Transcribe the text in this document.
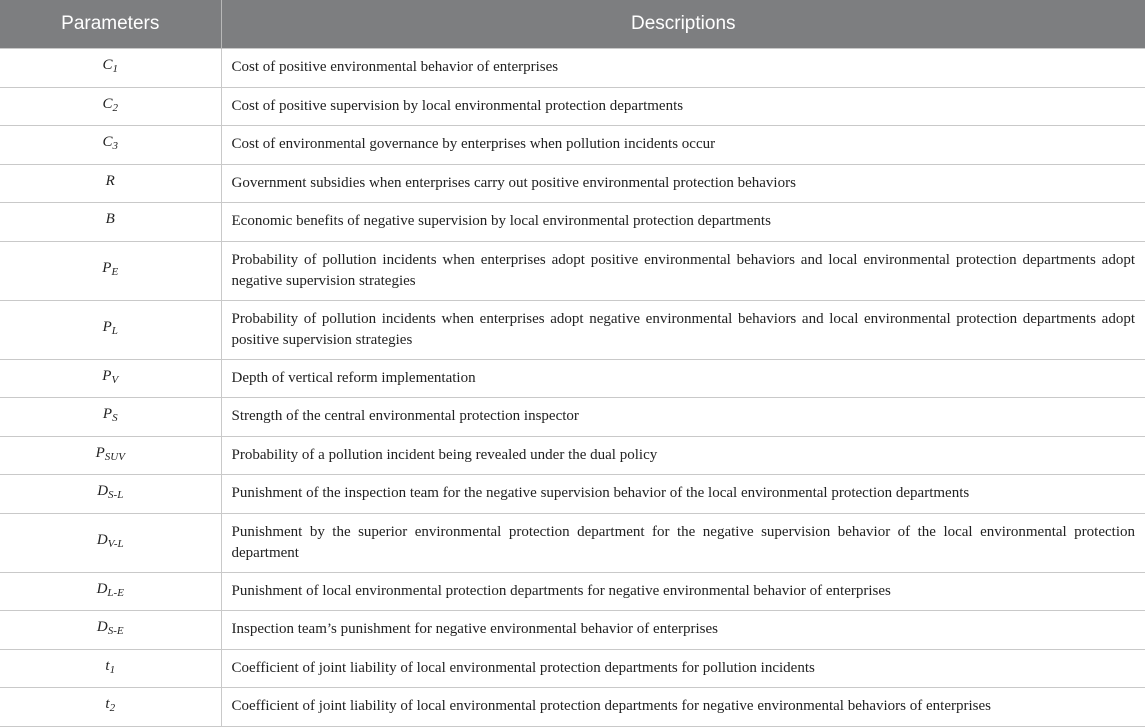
Parameters	Descriptions
$C_1$	Cost of positive environmental behavior of enterprises
$C_2$	Cost of positive supervision by local environmental protection departments
$C_3$	Cost of environmental governance by enterprises when pollution incidents occur
R	Government subsidies when enterprises carry out positive environmental protection behaviors
B	Economic benefits of negative supervision by local environmental protection departments
$P_E$	Probability of pollution incidents when enterprises adopt positive environmental behaviors and local environmental protection departments adopt negative supervision strategies
$P_L$	Probability of pollution incidents when enterprises adopt negative environmental behaviors and local environmental protection departments adopt positive supervision strategies
$P_V$	Depth of vertical reform implementation
$P_S$	Strength of the central environmental protection inspector
$P_{SUV}$	Probability of a pollution incident being revealed under the dual policy
$D_{S-L}$	Punishment of the inspection team for the negative supervision behavior of the local environmental protection departments
$D_{V-L}$	Punishment by the superior environmental protection department for the negative supervision behavior of the local environmental protection department
$D_{L-E}$	Punishment of local environmental protection departments for negative environmental behavior of enterprises
$D_{S-E}$	Inspection team’s punishment for negative environmental behavior of enterprises
$t_1$	Coefficient of joint liability of local environmental protection departments for pollution incidents
$t_2$	Coefficient of joint liability of local environmental protection departments for negative environmental behaviors of enterprises
